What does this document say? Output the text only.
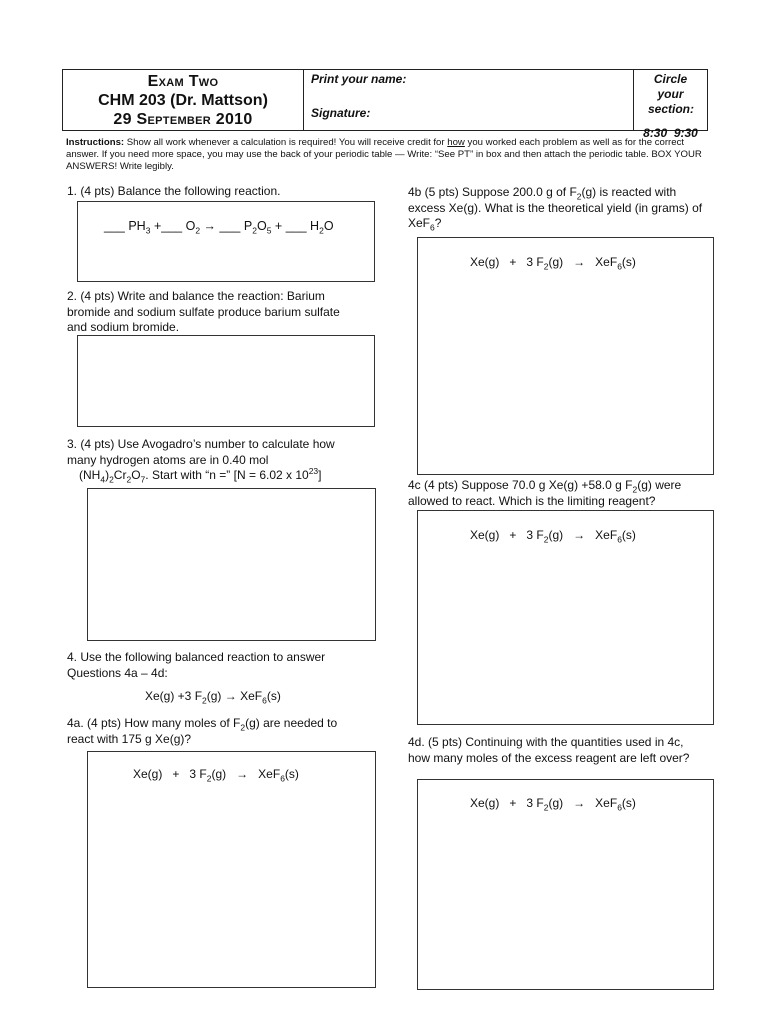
Exam Two
CHM 203 (Dr. Mattson)
29 September 2010
Print your name:
Signature:
Circle your section:
8:30  9:30
Instructions: Show all work whenever a calculation is required! You will receive credit for how you worked each problem as well as for the correct answer. If you need more space, you may use the back of your periodic table — Write: “See PT” in box and then attach the periodic table. BOX YOUR ANSWERS! Write legibly.
1. (4 pts) Balance the following reaction.
___ $PH_3$ +___ $O_2$ → ___ $P_2O_5$ + ___ $H_2O$
2. (4 pts) Write and balance the reaction: Barium bromide and sodium sulfate produce barium sulfate and sodium bromide.
3. (4 pts) Use Avogadro’s number to calculate how many hydrogen atoms are in 0.40 mol
$(NH_4)_2Cr_2O_7$. Start with “n =” [N = 6.02 x $10^{23}$]
4. Use the following balanced reaction to answer Questions 4a – 4d:
Xe(g) +3 $F_2(g) \to XeF_6(s)$
4a. (4 pts) How many moles of $F_2(g)$ are needed to react with 175 g Xe(g)?
Xe(g) + 3 $F_2(g) \to XeF_6(s)$
4b (5 pts) Suppose 200.0 g of $F_2(g)$ is reacted with excess Xe(g). What is the theoretical yield (in grams) of XeF$_6$?
Xe(g) + 3 $F_2(g) \to XeF_6(s)$
4c (4 pts) Suppose 70.0 g Xe(g) +58.0 g $F_2(g)$ were allowed to react. Which is the limiting reagent?
Xe(g) + 3 $F_2(g) \to XeF_6(s)$
4d. (5 pts) Continuing with the quantities used in 4c, how many moles of the excess reagent are left over?
Xe(g) + 3 $F_2(g) \to XeF_6(s)$
